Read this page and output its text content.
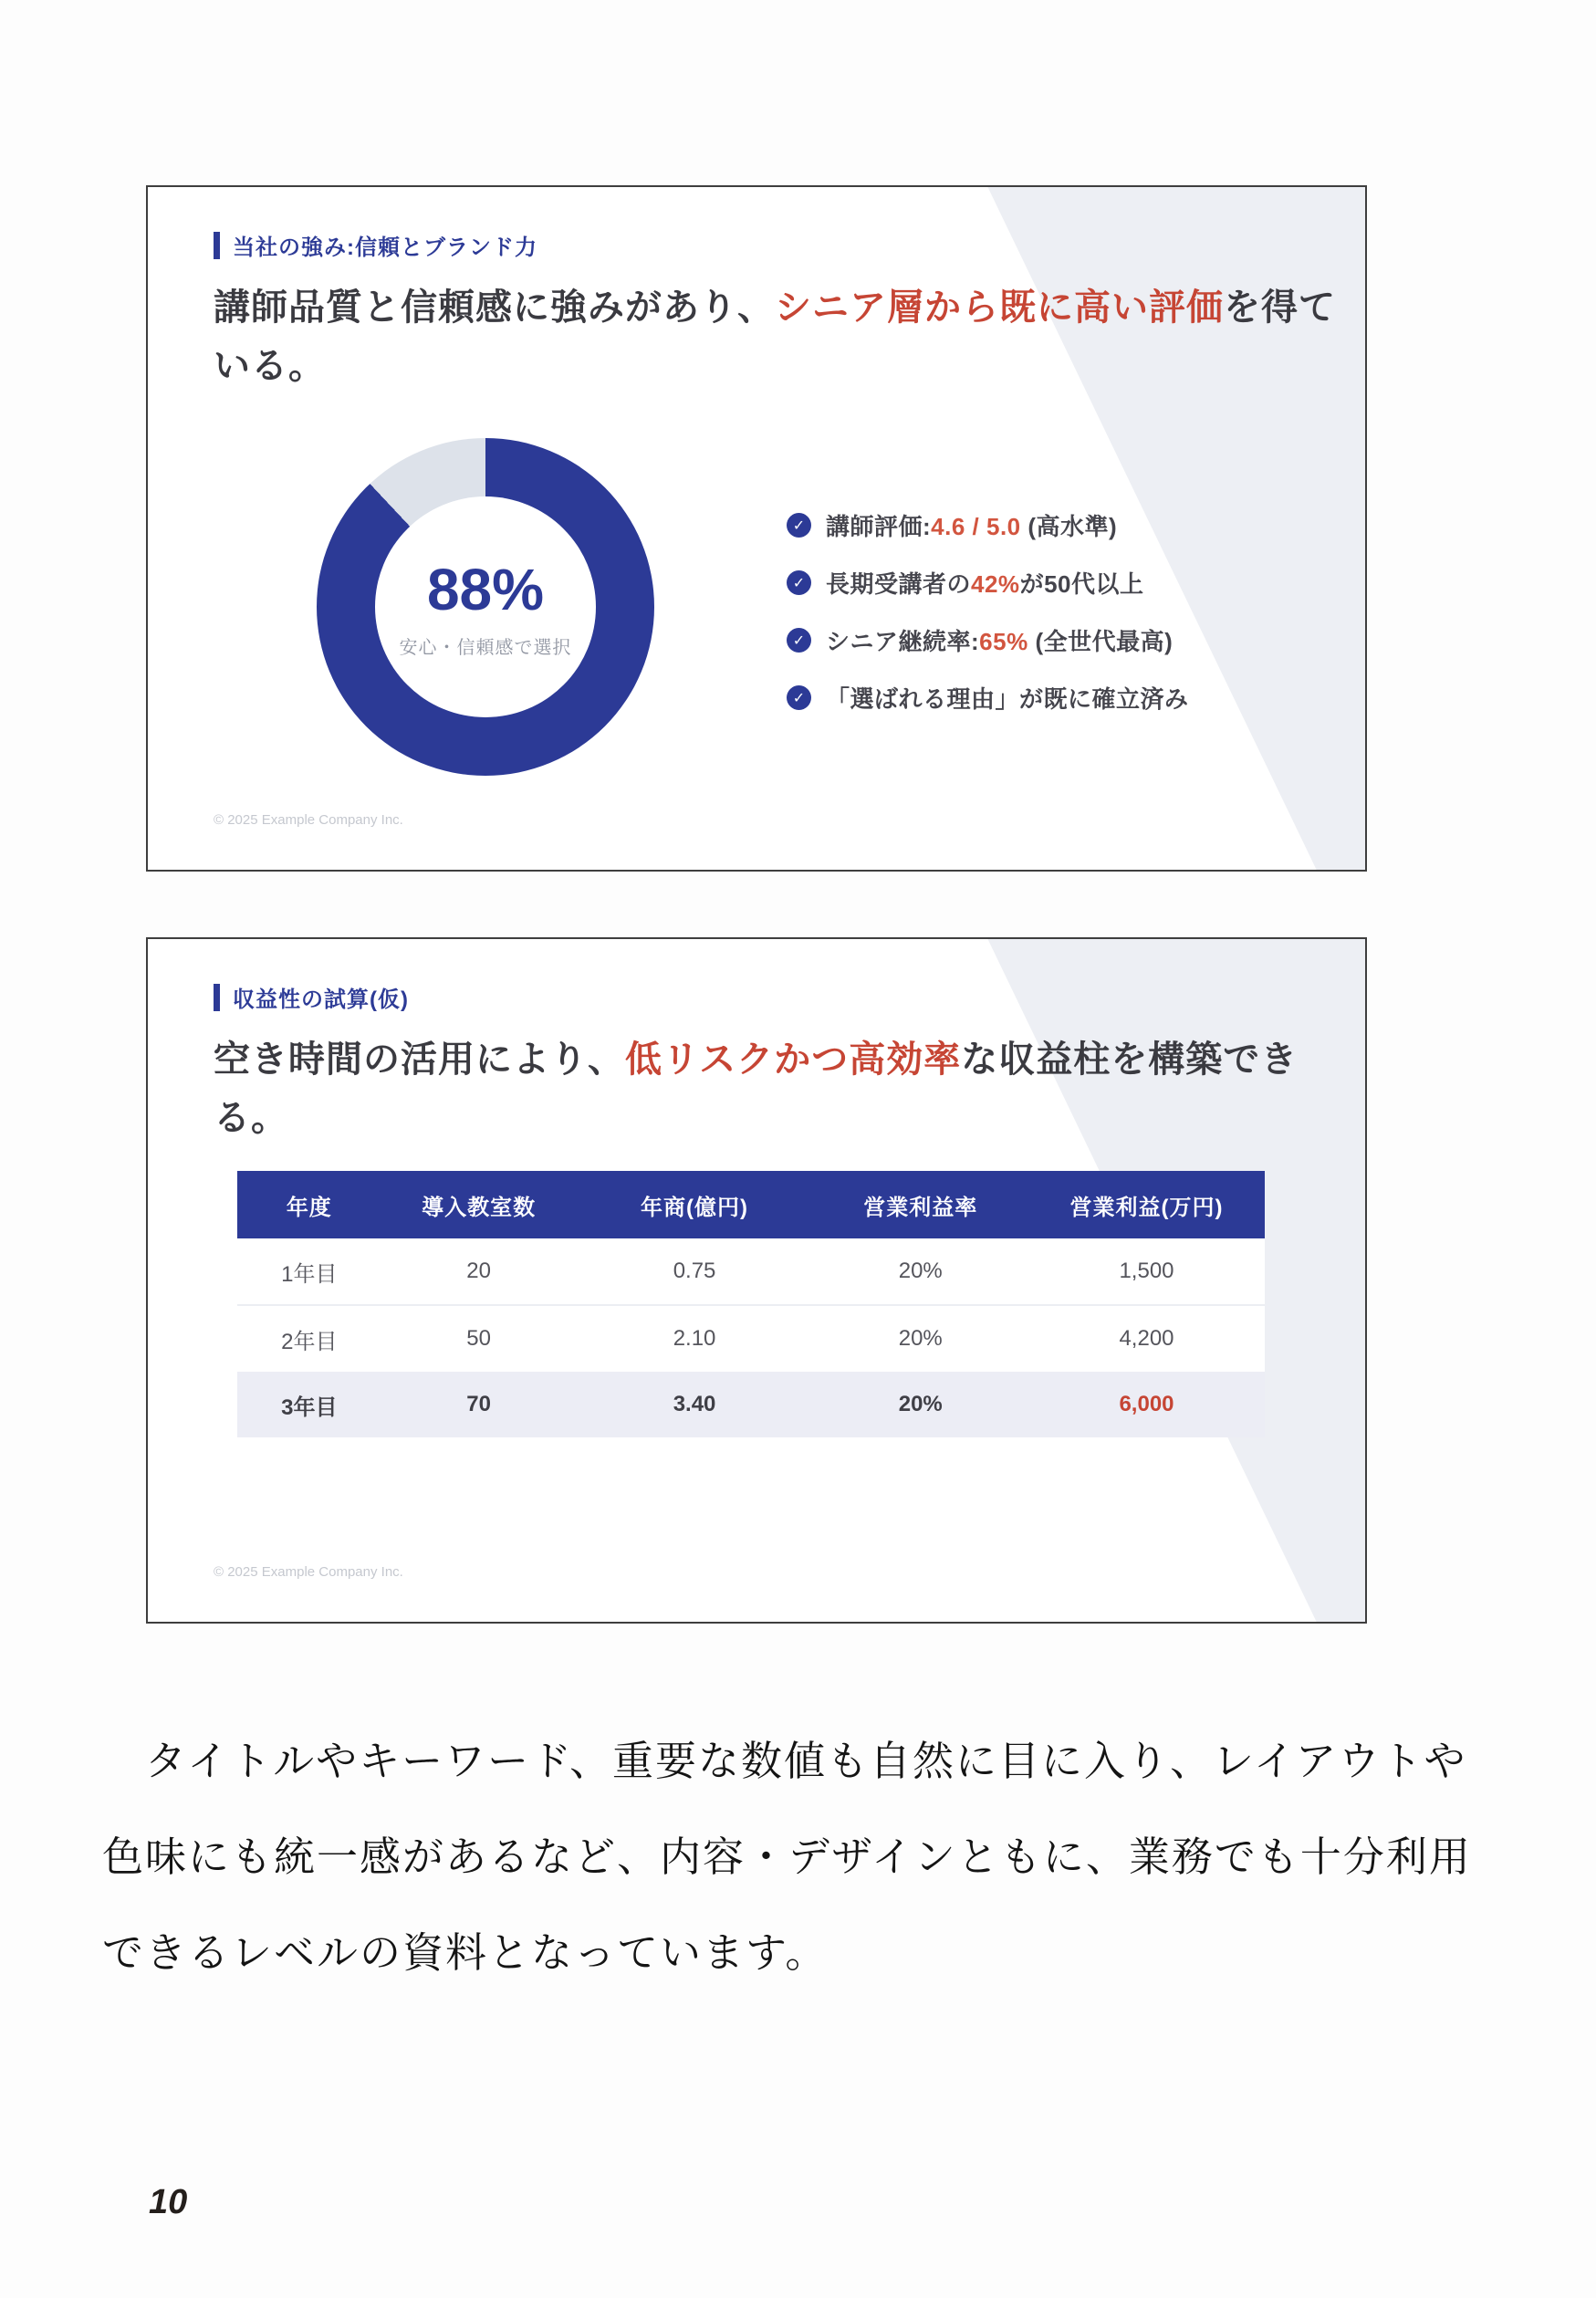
当社の強み:信頼とブランド力
講師品質と信頼感に強みがあり、シニア層から既に高い評価を得ている。
88%
安心・信頼感で選択
✓ 講師評価:4.6 / 5.0 (高水準)
✓ 長期受講者の42%が50代以上
✓ シニア継続率:65% (全世代最高)
✓ 「選ばれる理由」が既に確立済み
© 2025 Example Company Inc.
収益性の試算(仮)
空き時間の活用により、低リスクかつ高効率な収益柱を構築できる。
年度	導入教室数	年商(億円)	営業利益率	営業利益(万円)
1年目	20	0.75	20%	1,500
2年目	50	2.10	20%	4,200
3年目	70	3.40	20%	6,000
© 2025 Example Company Inc.
　タイトルやキーワード、重要な数値も自然に目に入り、レイアウトや
色味にも統一感があるなど、内容・デザインともに、業務でも十分利用
できるレベルの資料となっています。
10
